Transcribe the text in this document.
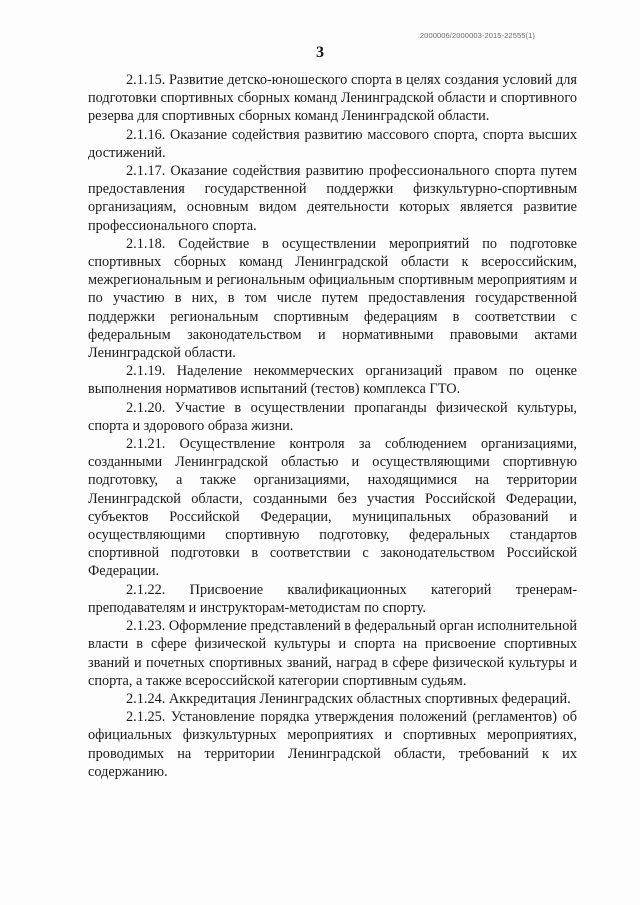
2000006/2000003-2015-22555(1)
3

2.1.15. Развитие детско-юношеского спорта в целях создания условий для подготовки спортивных сборных команд Ленинградской области и спортивного резерва для спортивных сборных команд Ленинградской области.

2.1.16. Оказание содействия развитию массового спорта, спорта высших достижений.

2.1.17. Оказание содействия развитию профессионального спорта путем предоставления государственной поддержки физкультурно-спортивным организациям, основным видом деятельности которых является развитие профессионального спорта.

2.1.18. Содействие в осуществлении мероприятий по подготовке спортивных сборных команд Ленинградской области к всероссийским, межрегиональным и региональным официальным спортивным мероприятиям и по участию в них, в том числе путем предоставления государственной поддержки региональным спортивным федерациям в соответствии с федеральным законодательством и нормативными правовыми актами Ленинградской области.

2.1.19. Наделение некоммерческих организаций правом по оценке выполнения нормативов испытаний (тестов) комплекса ГТО.

2.1.20. Участие в осуществлении пропаганды физической культуры, спорта и здорового образа жизни.

2.1.21. Осуществление контроля за соблюдением организациями, созданными Ленинградской областью и осуществляющими спортивную подготовку, а также организациями, находящимися на территории Ленинградской области, созданными без участия Российской Федерации, субъектов Российской Федерации, муниципальных образований и осуществляющими спортивную подготовку, федеральных стандартов спортивной подготовки в соответствии с законодательством Российской Федерации.

2.1.22. Присвоение квалификационных категорий тренерам-преподавателям и инструкторам-методистам по спорту.

2.1.23. Оформление представлений в федеральный орган исполнительной власти в сфере физической культуры и спорта на присвоение спортивных званий и почетных спортивных званий, наград в сфере физической культуры и спорта, а также всероссийской категории спортивным судьям.

2.1.24. Аккредитация Ленинградских областных спортивных федераций.

2.1.25. Установление порядка утверждения положений (регламентов) об официальных физкультурных мероприятиях и спортивных мероприятиях, проводимых на территории Ленинградской области, требований к их содержанию.
